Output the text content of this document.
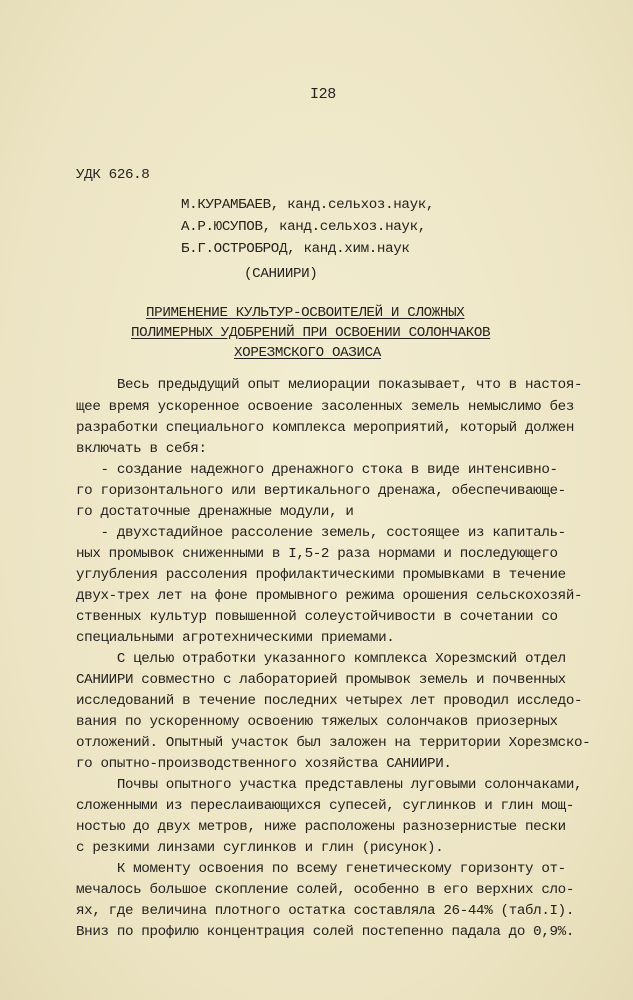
I28
УДК 626.8
М.КУРАМБАЕВ, канд.сельхоз.наук,
А.Р.ЮСУПОВ, канд.сельхоз.наук,
Б.Г.ОСТРОБРОД, канд.хим.наук
(САНИИРИ)
ПРИМЕНЕНИЕ КУЛЬТУР-ОСВОИТЕЛЕЙ И СЛОЖНЫХ
ПОЛИМЕРНЫХ УДОБРЕНИЙ ПРИ ОСВОЕНИИ СОЛОНЧАКОВ
ХОРЕЗМСКОГО ОАЗИСА
Весь предыдущий опыт мелиорации показывает, что в настоя-
щее время ускоренное освоение засоленных земель немыслимо без
разработки специального комплекса мероприятий, который должен
включать в себя:
- создание надежного дренажного стока в виде интенсивно-
го горизонтального или вертикального дренажа, обеспечивающе-
го достаточные дренажные модули, и
- двухстадийное рассоление земель, состоящее из капиталь-
ных промывок сниженными в I,5-2 раза нормами и последующего
углубления рассоления профилактическими промывками в течение
двух-трех лет на фоне промывного режима орошения сельскохозяй-
ственных культур повышенной солеустойчивости в сочетании со
специальными агротехническими приемами.
С целью отработки указанного комплекса Хорезмский отдел
САНИИРИ совместно с лабораторией промывок земель и почвенных
исследований в течение последних четырех лет проводил исследо-
вания по ускоренному освоению тяжелых солончаков приозерных
отложений. Опытный участок был заложен на территории Хорезмско-
го опытно-производственного хозяйства САНИИРИ.
Почвы опытного участка представлены луговыми солончаками,
сложенными из переслаивающихся супесей, суглинков и глин мощ-
ностью до двух метров, ниже расположены разнозернистые пески
с резкими линзами суглинков и глин (рисунок).
К моменту освоения по всему генетическому горизонту от-
мечалось большое скопление солей, особенно в его верхних сло-
ях, где величина плотного остатка составляла 26-44% (табл.I).
Вниз по профилю концентрация солей постепенно падала до 0,9%.
